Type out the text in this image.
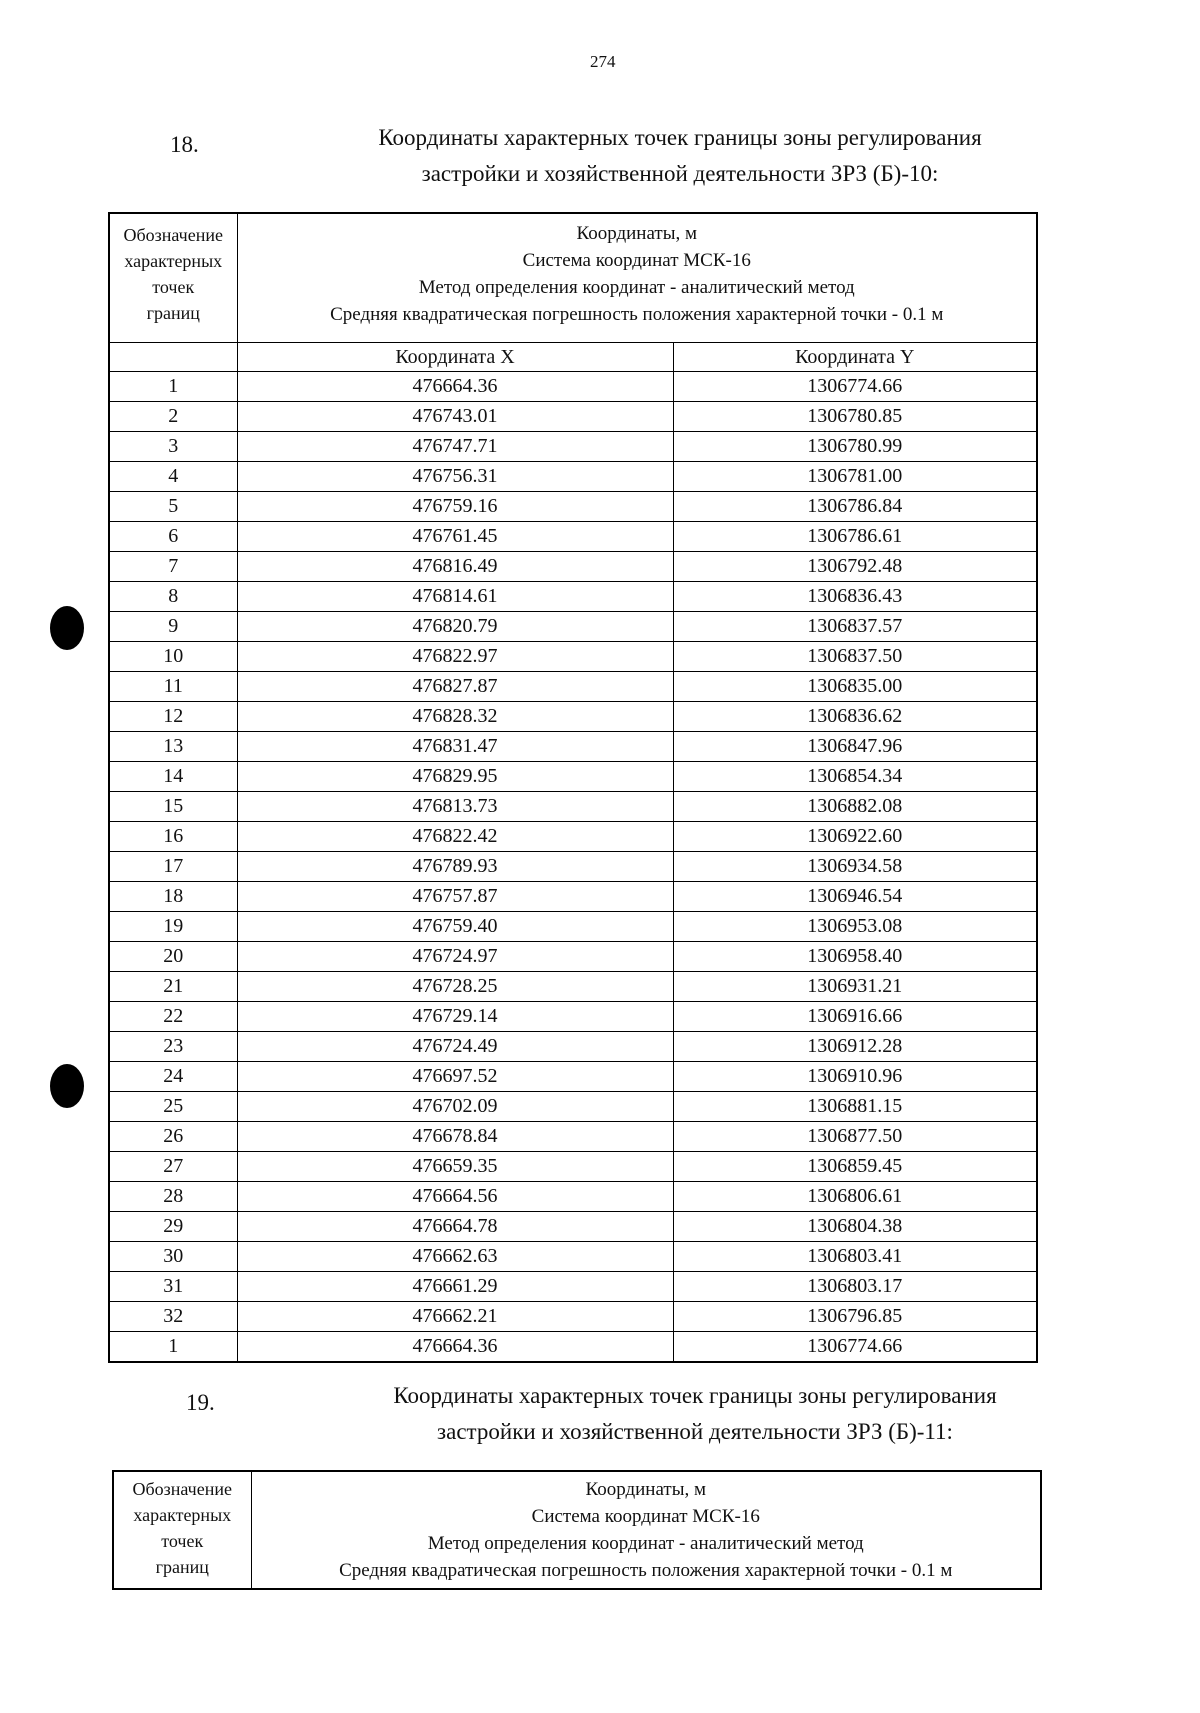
274
18.	Координаты характерных точек границы зоны регулирования
застройки и хозяйственной деятельности ЗРЗ (Б)-10:
Обозначение
характерных
точек
границ	Координаты, м
Система координат МСК-16
Метод определения координат - аналитический метод
Средняя квадратическая погрешность положения характерной точки - 0.1 м	

	Координата X	Координата Y
1	476664.36	1306774.66
2	476743.01	1306780.85
3	476747.71	1306780.99
4	476756.31	1306781.00
5	476759.16	1306786.84
6	476761.45	1306786.61
7	476816.49	1306792.48
8	476814.61	1306836.43
9	476820.79	1306837.57
10	476822.97	1306837.50
11	476827.87	1306835.00
12	476828.32	1306836.62
13	476831.47	1306847.96
14	476829.95	1306854.34
15	476813.73	1306882.08
16	476822.42	1306922.60
17	476789.93	1306934.58
18	476757.87	1306946.54
19	476759.40	1306953.08
20	476724.97	1306958.40
21	476728.25	1306931.21
22	476729.14	1306916.66
23	476724.49	1306912.28
24	476697.52	1306910.96
25	476702.09	1306881.15
26	476678.84	1306877.50
27	476659.35	1306859.45
28	476664.56	1306806.61
29	476664.78	1306804.38
30	476662.63	1306803.41
31	476661.29	1306803.17
32	476662.21	1306796.85
1	476664.36	1306774.66
19.	Координаты характерных точек границы зоны регулирования
застройки и хозяйственной деятельности ЗРЗ (Б)-11:
Обозначение
характерных
точек
границ

Координаты, м
Система координат МСК-16
Метод определения координат - аналитический метод
Средняя квадратическая погрешность положения характерной точки - 0.1 м
